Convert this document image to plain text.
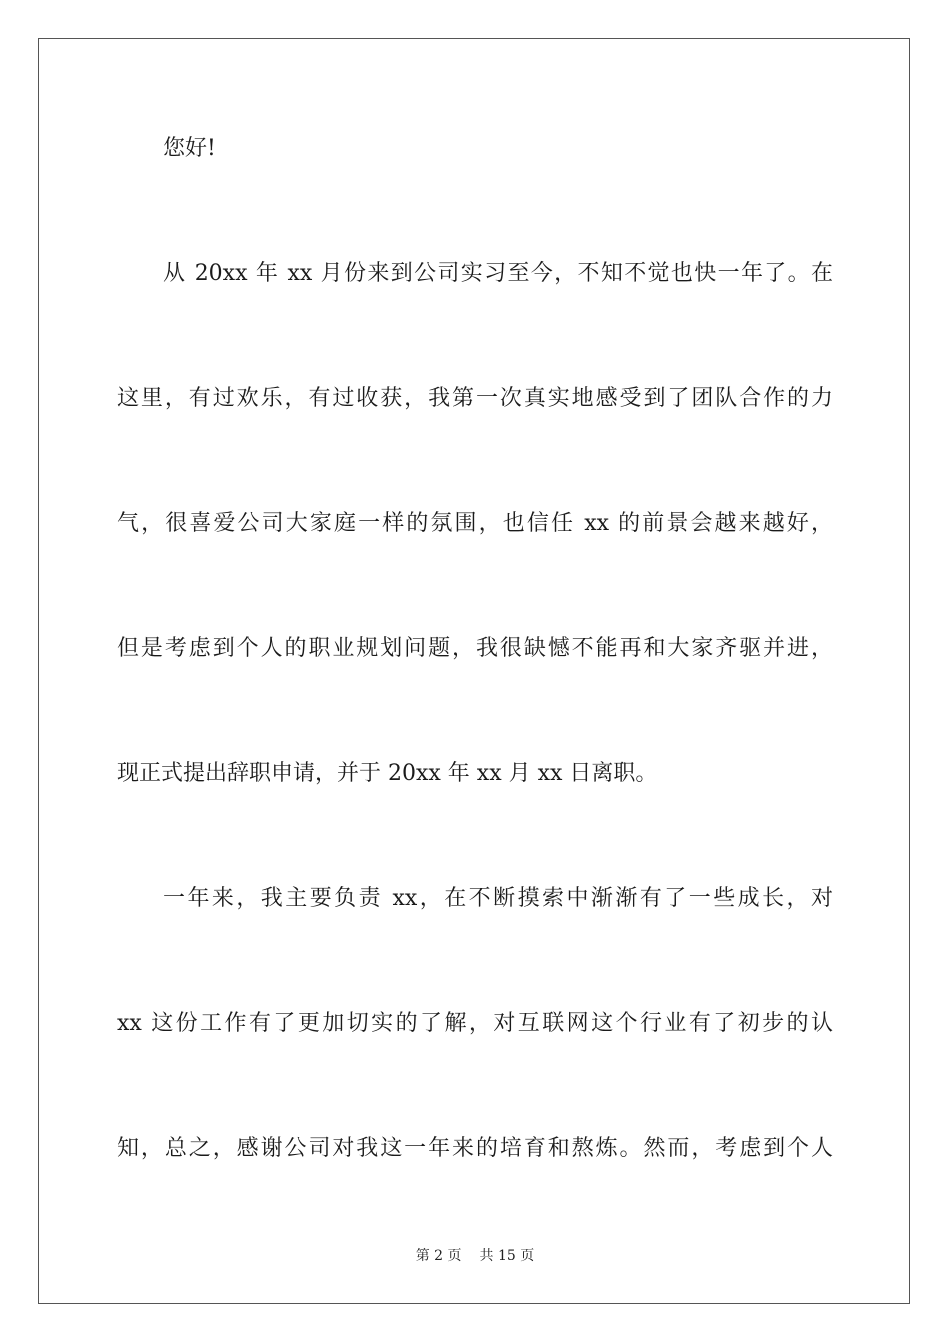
您好!
从 20xx 年 xx 月份来到公司实习至今，不知不觉也快一年了。在
这里，有过欢乐，有过收获，我第一次真实地感受到了团队合作的力
气，很喜爱公司大家庭一样的氛围，也信任 xx 的前景会越来越好，
但是考虑到个人的职业规划问题，我很缺憾不能再和大家齐驱并进，
现正式提出辞职申请，并于 20xx 年 xx 月 xx 日离职。
一年来，我主要负责 xx，在不断摸索中渐渐有了一些成长，对
xx 这份工作有了更加切实的了解，对互联网这个行业有了初步的认
知，总之，感谢公司对我这一年来的培育和熬炼。然而，考虑到个人
第 2 页 共 15 页
